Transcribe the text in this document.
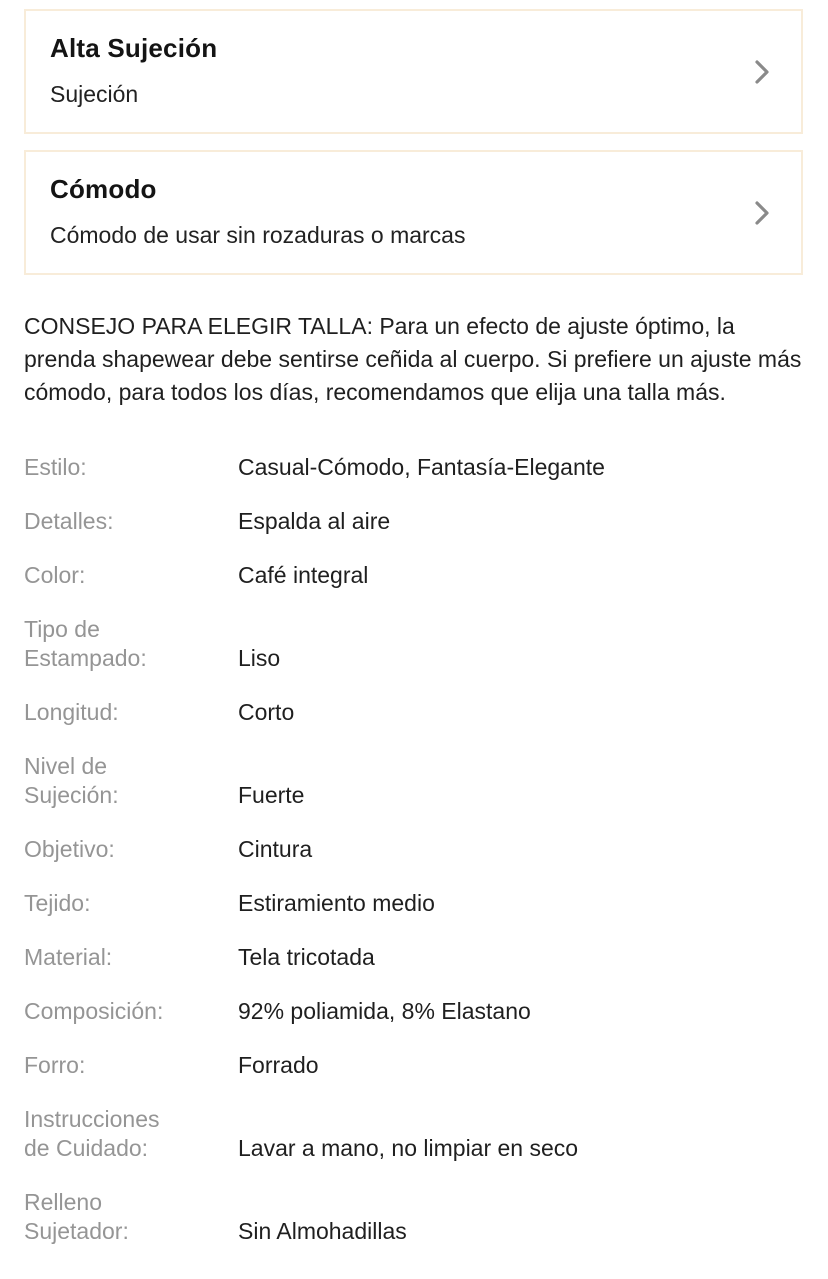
Alta Sujeción
Sujeción
Cómodo
Cómodo de usar sin rozaduras o marcas

CONSEJO PARA ELEGIR TALLA: Para un efecto de ajuste óptimo, la prenda shapewear debe sentirse ceñida al cuerpo. Si prefiere un ajuste más cómodo, para todos los días, recomendamos que elija una talla más.

Estilo:	Casual-Cómodo, Fantasía-Elegante
Detalles:	Espalda al aire
Color:	Café integral
Tipo de Estampado:	Liso
Longitud:	Corto
Nivel de Sujeción:	Fuerte
Objetivo:	Cintura
Tejido:	Estiramiento medio
Material:	Tela tricotada
Composición:	92% poliamida, 8% Elastano
Forro:	Forrado
Instrucciones de Cuidado:	Lavar a mano, no limpiar en seco
Relleno Sujetador:	Sin Almohadillas
